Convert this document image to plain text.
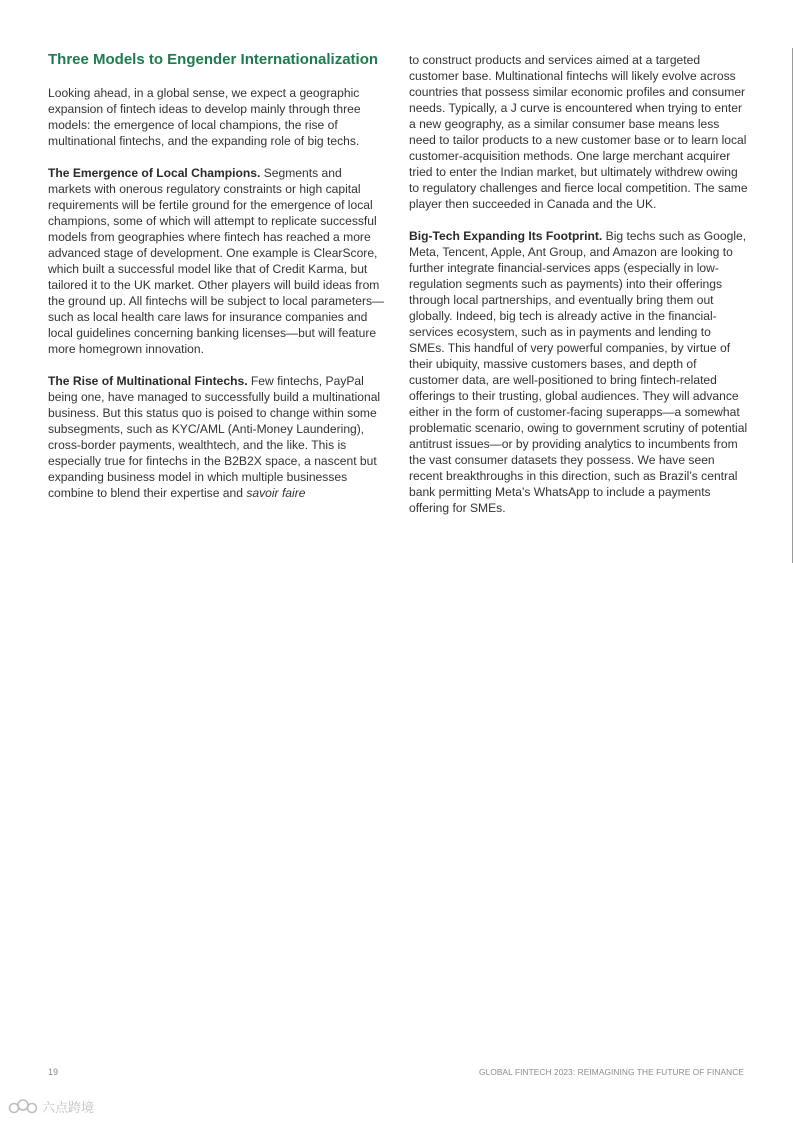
Three Models to Engender Internationalization

Looking ahead, in a global sense, we expect a geographic expansion of fintech ideas to develop mainly through three models: the emergence of local champions, the rise of multinational fintechs, and the expanding role of big techs.

The Emergence of Local Champions. Segments and markets with onerous regulatory constraints or high capital requirements will be fertile ground for the emergence of local champions, some of which will attempt to replicate successful models from geographies where fintech has reached a more advanced stage of development. One example is ClearScore, which built a successful model like that of Credit Karma, but tailored it to the UK market. Other players will build ideas from the ground up. All fintechs will be subject to local parameters—such as local health care laws for insurance companies and local guidelines concerning banking licenses—but will feature more homegrown innovation.

The Rise of Multinational Fintechs. Few fintechs, PayPal being one, have managed to successfully build a multinational business. But this status quo is poised to change within some subsegments, such as KYC/AML (Anti-Money Laundering), cross-border payments, wealthtech, and the like. This is especially true for fintechs in the B2B2X space, a nascent but expanding business model in which multiple businesses combine to blend their expertise and savoir faire

to construct products and services aimed at a targeted customer base. Multinational fintechs will likely evolve across countries that possess similar economic profiles and consumer needs. Typically, a J curve is encountered when trying to enter a new geography, as a similar consumer base means less need to tailor products to a new customer base or to learn local customer-acquisition methods. One large merchant acquirer tried to enter the Indian market, but ultimately withdrew owing to regulatory challenges and fierce local competition. The same player then succeeded in Canada and the UK.

Big-Tech Expanding Its Footprint. Big techs such as Google, Meta, Tencent, Apple, Ant Group, and Amazon are looking to further integrate financial-services apps (especially in low-regulation segments such as payments) into their offerings through local partnerships, and eventually bring them out globally. Indeed, big tech is already active in the financial-services ecosystem, such as in payments and lending to SMEs. This handful of very powerful companies, by virtue of their ubiquity, massive customers bases, and depth of customer data, are well-positioned to bring fintech-related offerings to their trusting, global audiences. They will advance either in the form of customer-facing superapps—a somewhat problematic scenario, owing to government scrutiny of potential antitrust issues—or by providing analytics to incumbents from the vast consumer datasets they possess. We have seen recent breakthroughs in this direction, such as Brazil’s central bank permitting Meta’s WhatsApp to include a payments offering for SMEs.

19	GLOBAL FINTECH 2023: REIMAGINING THE FUTURE OF FINANCE
六点跨境
